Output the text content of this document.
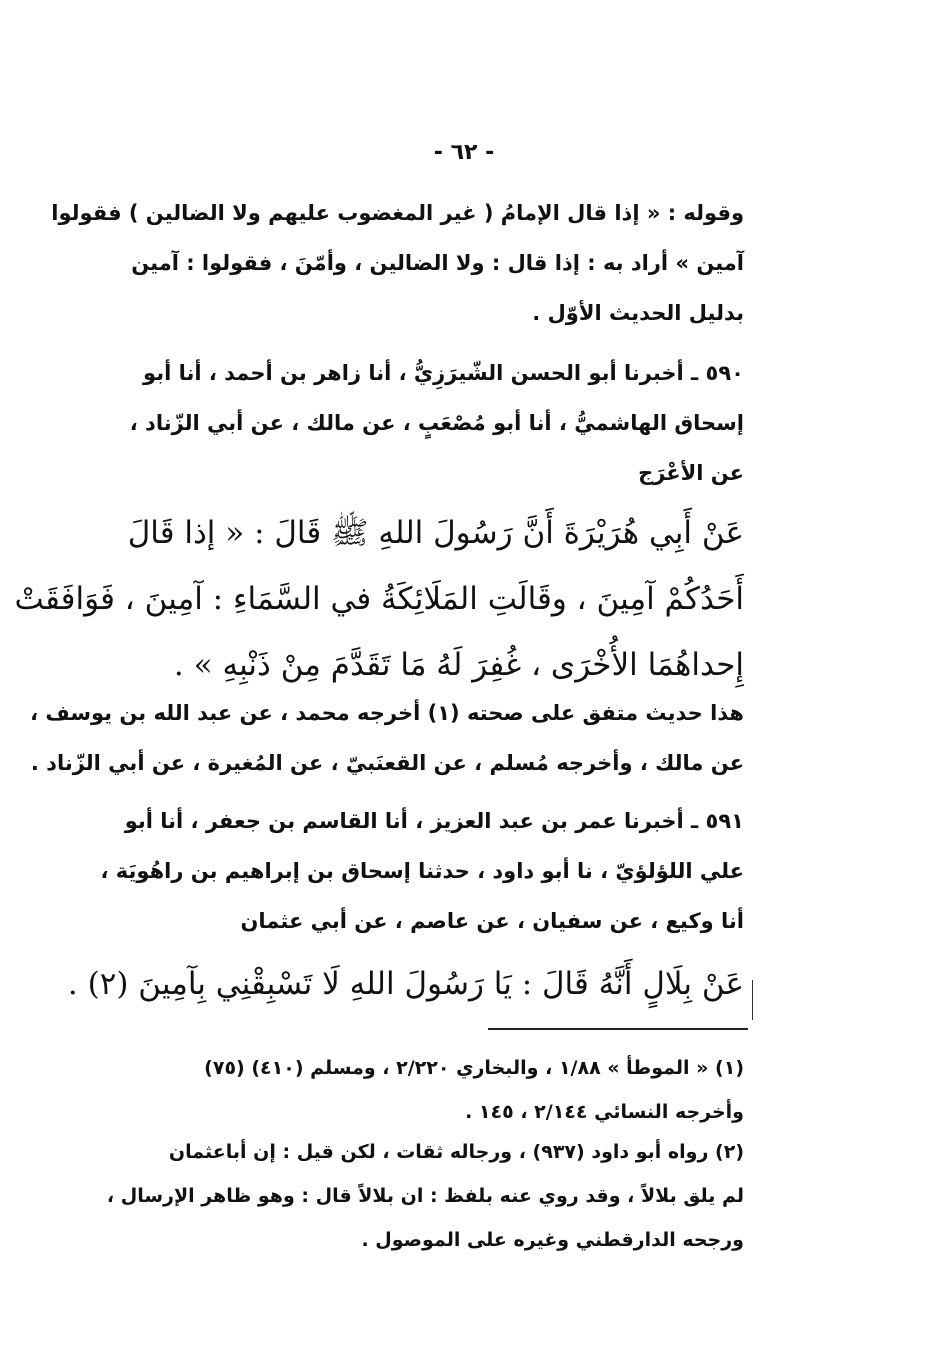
- ٦٢ -
وقوله : « إذا قال الإمامُ ( غير المغضوب عليهم ولا الضالين ) فقولوا
آمين » أراد به : إذا قال : ولا الضالين ، وأمّنَ ، فقولوا : آمين
بدليل الحديث الأوّل .
٥٩٠ ـ أخبرنا أبو الحسن الشّيرَزِيُّ ، أنا زاهر بن أحمد ، أنا أبو
إسحاق الهاشميُّ ، أنا أبو مُصْعَبٍ ، عن مالك ، عن أبي الزّناد ،
عن الأعْرَج
عَنْ أَبِي هُرَيْرَةَ أَنَّ رَسُولَ اللهِ ﷺ قَالَ : « إذا قَالَ
أَحَدُكُمْ آمِينَ ، وقَالَتِ المَلَائِكَةُ في السَّمَاءِ : آمِينَ ، فَوَافَقَتْ
إِحداهُمَا الأُخْرَى ، غُفِرَ لَهُ مَا تَقَدَّمَ مِنْ ذَنْبِهِ » .
هذا حديث متفق على صحته (١) أخرجه محمد ، عن عبد الله بن يوسف ،
عن مالك ، وأخرجه مُسلم ، عن القعنَبيّ ، عن المُغيرة ، عن أبي الزّناد .
٥٩١ ـ أخبرنا عمر بن عبد العزيز ، أنا القاسم بن جعفر ، أنا أبو
علي اللؤلؤيّ ، نا أبو داود ، حدثنا إسحاق بن إبراهيم بن راهُويَة ،
أنا وكيع ، عن سفيان ، عن عاصم ، عن أبي عثمان
عَنْ بِلَالٍ أَنَّهُ قَالَ : يَا رَسُولَ اللهِ لَا تَسْبِقْنِي بِآمِينَ (٢) .
(١) « الموطأ » ١/٨٨ ، والبخاري ٢/٢٢٠ ، ومسلم (٤١٠) (٧٥)
وأخرجه النسائي ٢/١٤٤ ، ١٤٥ .
(٢) رواه أبو داود (٩٣٧) ، ورجاله ثقات ، لكن قيل : إن أباعثمان
لم يلق بلالاً ، وقد روي عنه بلفظ : ان بلالاً قال : وهو ظاهر الإرسال ،
ورجحه الدارقطني وغيره على الموصول .
